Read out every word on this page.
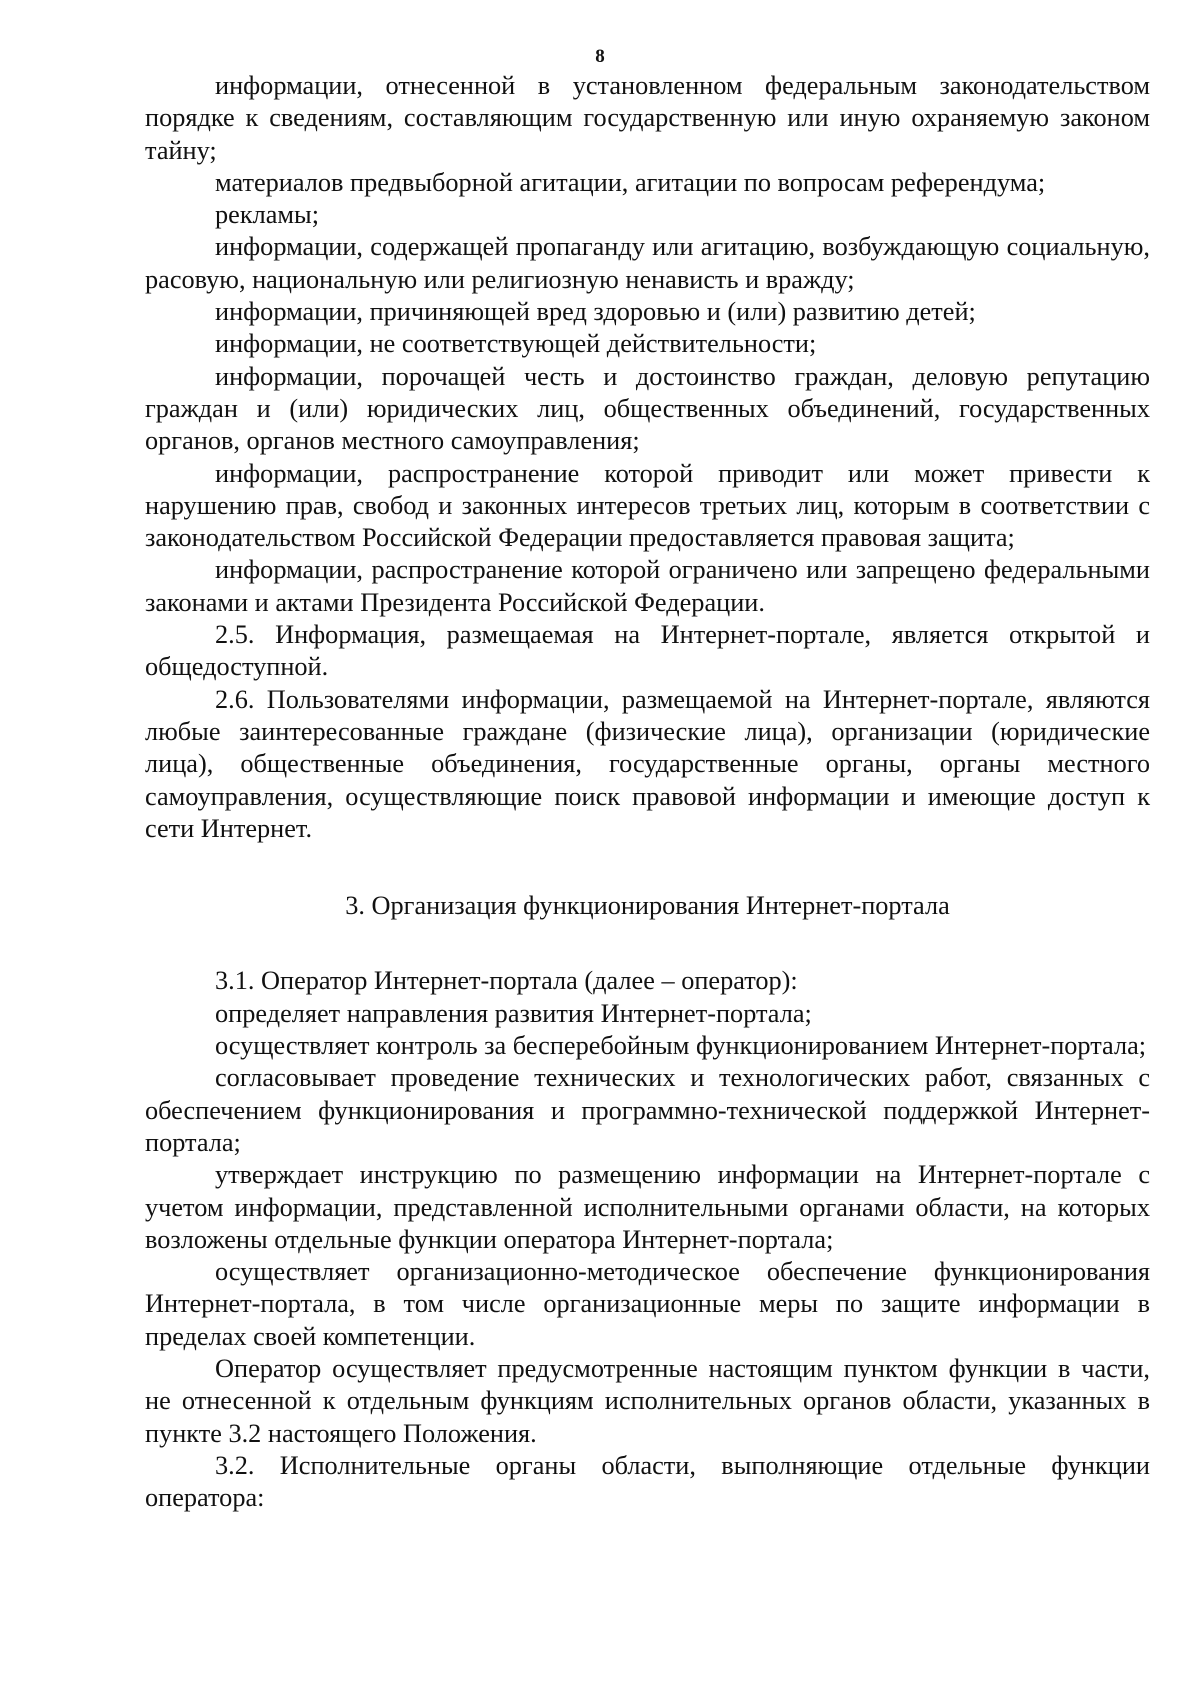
8

информации, отнесенной в установленном федеральным законодательством порядке к сведениям, составляющим государственную или иную охраняемую законом тайну;

материалов предвыборной агитации, агитации по вопросам референдума;

рекламы;

информации, содержащей пропаганду или агитацию, возбуждающую социальную, расовую, национальную или религиозную ненависть и вражду;

информации, причиняющей вред здоровью и (или) развитию детей;

информации, не соответствующей действительности;

информации, порочащей честь и достоинство граждан, деловую репутацию граждан и (или) юридических лиц, общественных объединений, государственных органов, органов местного самоуправления;

информации, распространение которой приводит или может привести к нарушению прав, свобод и законных интересов третьих лиц, которым в соответствии с законодательством Российской Федерации предоставляется правовая защита;

информации, распространение которой ограничено или запрещено федеральными законами и актами Президента Российской Федерации.

2.5. Информация, размещаемая на Интернет-портале, является открытой и общедоступной.

2.6. Пользователями информации, размещаемой на Интернет-портале, являются любые заинтересованные граждане (физические лица), организации (юридические лица), общественные объединения, государственные органы, органы местного самоуправления, осуществляющие поиск правовой информации и имеющие доступ к сети Интернет.

3. Организация функционирования Интернет-портала

3.1. Оператор Интернет-портала (далее – оператор):

определяет направления развития Интернет-портала;

осуществляет контроль за бесперебойным функционированием Интернет-портала;

согласовывает проведение технических и технологических работ, связанных с обеспечением функционирования и программно-технической поддержкой Интернет-портала;

утверждает инструкцию по размещению информации на Интернет-портале с учетом информации, представленной исполнительными органами области, на которых возложены отдельные функции оператора Интернет-портала;

осуществляет организационно-методическое обеспечение функционирования Интернет-портала, в том числе организационные меры по защите информации в пределах своей компетенции.

Оператор осуществляет предусмотренные настоящим пунктом функции в части, не отнесенной к отдельным функциям исполнительных органов области, указанных в пункте 3.2 настоящего Положения.

3.2. Исполнительные органы области, выполняющие отдельные функции оператора:
